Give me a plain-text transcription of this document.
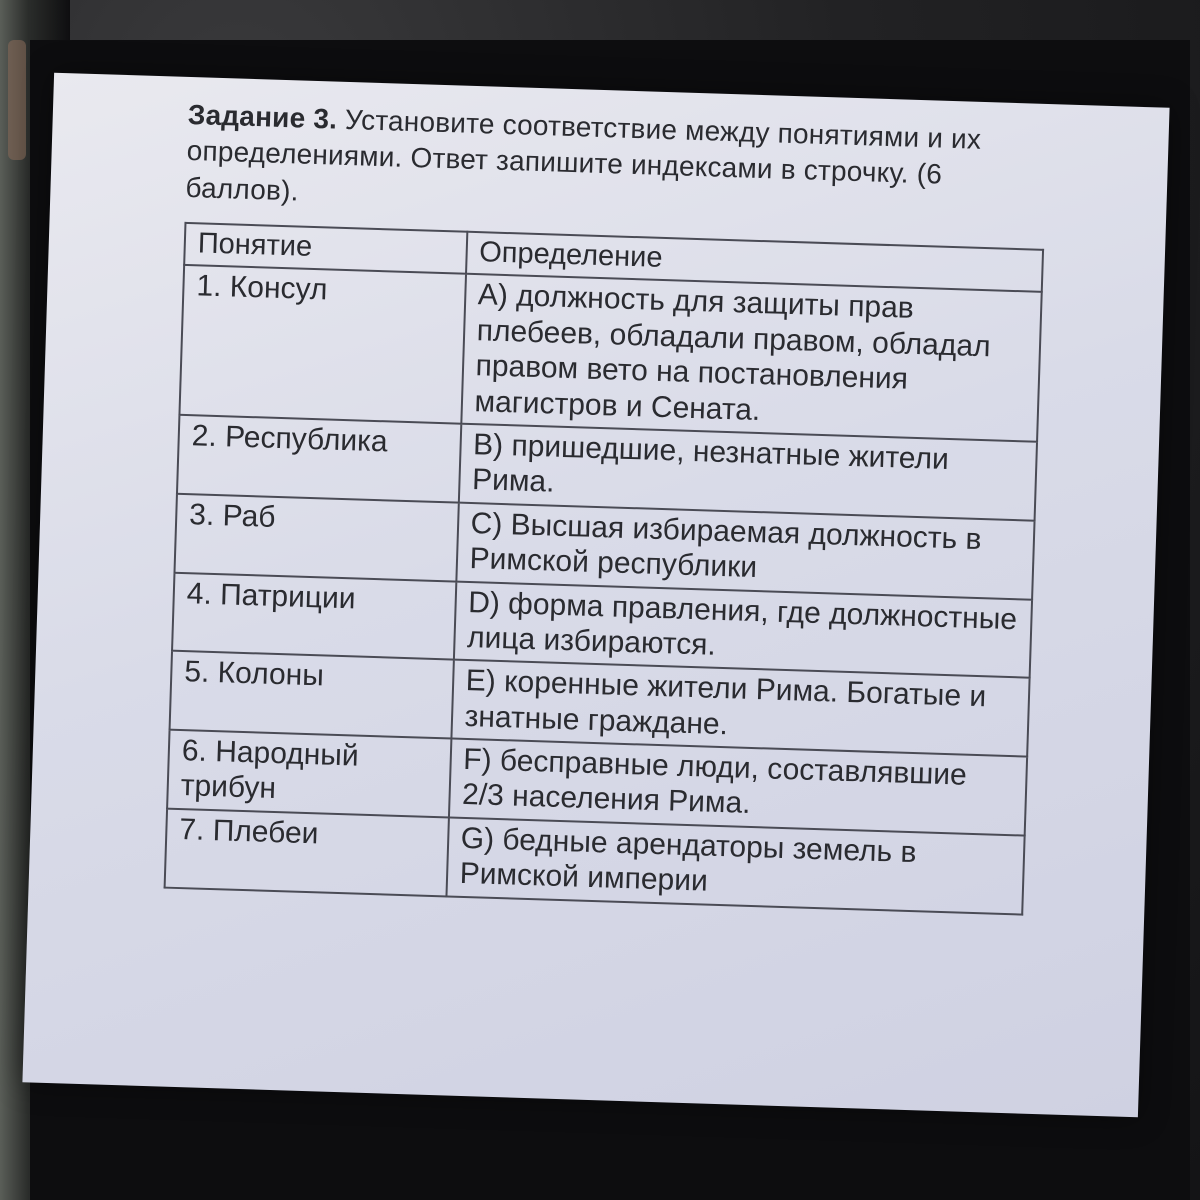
Задание 3. Установите соответствие между понятиями и их определениями. Ответ запишите индексами в строчку. (6 баллов).

Понятие	Определение
1. Консул	А) должность для защиты прав плебеев, обладали правом, обладал правом вето на постановления магистров и Сената.
2. Республика	В) пришедшие, незнатные жители Рима.
3. Раб	С) Высшая избираемая должность в Римской республики
4. Патриции	D) форма правления, где должностные лица избираются.
5. Колоны	Е) коренные жители Рима. Богатые и знатные граждане.
6. Народный трибун	F) бесправные люди, составлявшие 2/3 населения Рима.
7. Плебеи	G) бедные арендаторы земель в Римской империи
